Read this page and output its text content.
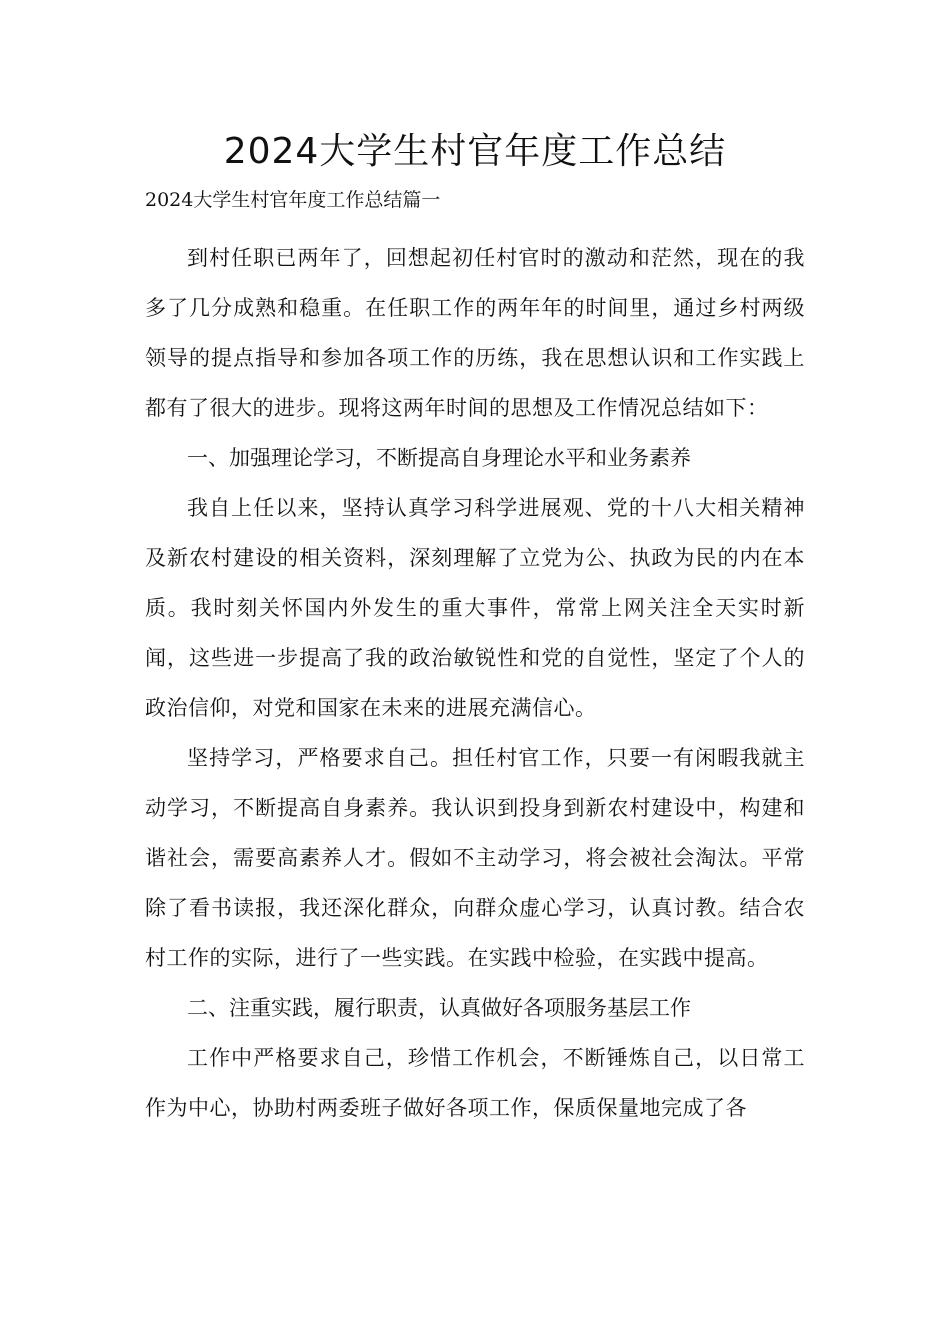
2024大学生村官年度工作总结

2024大学生村官年度工作总结篇一

到村任职已两年了，回想起初任村官时的激动和茫然，现在的我多了几分成熟和稳重。在任职工作的两年年的时间里，通过乡村两级领导的提点指导和参加各项工作的历练，我在思想认识和工作实践上都有了很大的进步。现将这两年时间的思想及工作情况总结如下：

一、加强理论学习，不断提高自身理论水平和业务素养

我自上任以来，坚持认真学习科学进展观、党的十八大相关精神及新农村建设的相关资料，深刻理解了立党为公、执政为民的内在本质。我时刻关怀国内外发生的重大事件，常常上网关注全天实时新闻，这些进一步提高了我的政治敏锐性和党的自觉性，坚定了个人的政治信仰，对党和国家在未来的进展充满信心。

坚持学习，严格要求自己。担任村官工作，只要一有闲暇我就主动学习，不断提高自身素养。我认识到投身到新农村建设中，构建和谐社会，需要高素养人才。假如不主动学习，将会被社会淘汰。平常除了看书读报，我还深化群众，向群众虚心学习，认真讨教。结合农村工作的实际，进行了一些实践。在实践中检验，在实践中提高。

二、注重实践，履行职责，认真做好各项服务基层工作

工作中严格要求自己，珍惜工作机会，不断锤炼自己，以日常工作为中心，协助村两委班子做好各项工作，保质保量地完成了各
